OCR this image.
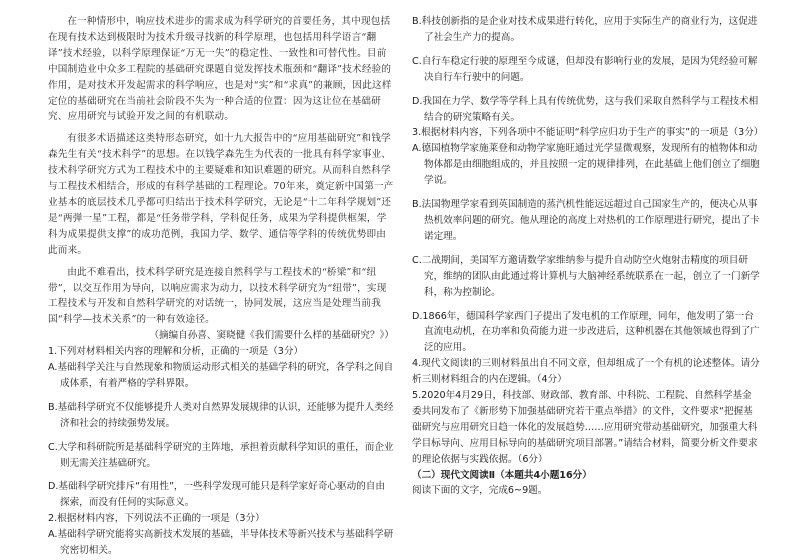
在一种情形中，响应技术进步的需求成为科学研究的首要任务，其中现包括在现有技术达到极限时为技术升级寻找新的科学原理，也包括用科学语言“翻译”技术经验，以科学原理保证“万无一失”的稳定性、一致性和可替代性。目前中国制造业中众多工程院的基础研究课题自觉发挥技术瓶颈和“翻译”技术经验的作用，是对技术开发起需求的科学响应，也是对“实”和“求真”的兼顾，因此这样定位的基础研究在当前社会阶段不失为一种合适的位置：因为这让位在基础研究、应用研究与试验开发之间的有机联动。

有很多术语描述这类特形态研究，如十九大报告中的“应用基础研究”和钱学森先生有关“技术科学”的思想。在以钱学森先生为代表的一批具有科学家事业、技术科学研究方式为工程技术中的主要疑难和知识难题的研究。从而科自然科学与工程技术相结合，形成的有科学基础的工程理论。70年来，奠定新中国第一产业基本的底层技术几乎都可归结出于技术科学研究，无论是“十二年科学规划”还是“两弹一星”工程，都是“任务带学科，学科促任务，成果为学科提供框架，学科为成果提供支撑”的成功范例，我国力学、数学、通信等学科的传统优势即由此而来。

由此不难看出，技术科学研究是连接自然科学与工程技术的“桥梁”和“纽带”，以交互作用为导向，以响应需求为动力，以技术科学研究为“纽带”，实现工程技术与开发和自然科学研究的对话统一，协同发展，这应当是处理当前我国“科学—技术关系”的一种有效途径。

（摘编自孙喜、窦晓健《我们需要什么样的基础研究？》）

1.下列对材料相关内容的理解和分析，正确的一项是（3分）

A.基础科学关注与自然现象和物质运动形式相关的基础学科的研究，各学科之间自成体系，有着严格的学科界限。

B.基础科学研究不仅能够提升人类对自然界发展规律的认识，还能够为提升人类经济和社会的持续强势发展。

C.大学和科研院所是基础科学研究的主阵地，承担着贡献科学知识的重任，而企业则无需关注基础研究。

D.基础科学研究排斥“有用性”，一些科学发现可能只是科学家好奇心驱动的自由探索，而没有任何的实际意义。

2.根据材料内容，下列说法不正确的一项是（3分）

A.基础科学研究能将实高新技术发展的基础，半导体技术等新兴技术与基础科学研究密切相关。

B.科技创新指的是企业对技术成果进行转化，应用于实际生产的商业行为，这促进了社会生产力的提高。

C.自行车稳定行驶的原理至今成谜，但却没有影响行业的发展，是因为凭经验可解决自行车行驶中的问题。

D.我国在力学、数学等学科上具有传统优势，这与我们采取自然科学与工程技术相结合的研究策略有关。

3.根据材料内容，下列各项中不能证明“科学应归功于生产的事实”的一项是（3分）

A.德国植物学家施莱登和动物学家施旺通过光学显微观察，发现所有的植物体和动物体都是由细胞组成的，并且按照一定的规律排列，在此基础上他们创立了细胞学说。

B.法国物理学家看到英国制造的蒸汽机性能远远超过自己国家生产的，便决心从事热机效率问题的研究。他从理论的高度上对热机的工作原理进行研究，提出了卡诺定理。

C.二战期间，美国军方邀请数学家维纳参与提升自动防空火炮射击精度的项目研究，维纳的团队由此通过将计算机与大脑神经系统联系在一起，创立了一门新学科，称为控制论。

D.1866年，德国科学家西门子提出了发电机的工作原理，同年，他发明了第一台直流电动机，在功率和负荷能力进一步改进后，这种机器在其他领域也得到了广泛的应用。

4.现代文阅读Ⅰ的三则材料虽出自不同文章，但却组成了一个有机的论述整体。请分析三则材料组合的内在逻辑。（4分）

5.2020年4月29日，科技部、财政部、教育部、中科院、工程院、自然科学基金委共同发布了《新形势下加强基础研究若干重点举措》的文件，文件要求“把握基础研究与应用研究日趋一体化的发展趋势……应用研究带动基础研究，加强重大科学目标导向、应用目标导向的基础研究项目部署。”请结合材料，简要分析文件要求的理论依据与实践依据。（6分）

（二）现代文阅读Ⅱ（本题共4小题16分）

阅读下面的文字，完成6~9题。
